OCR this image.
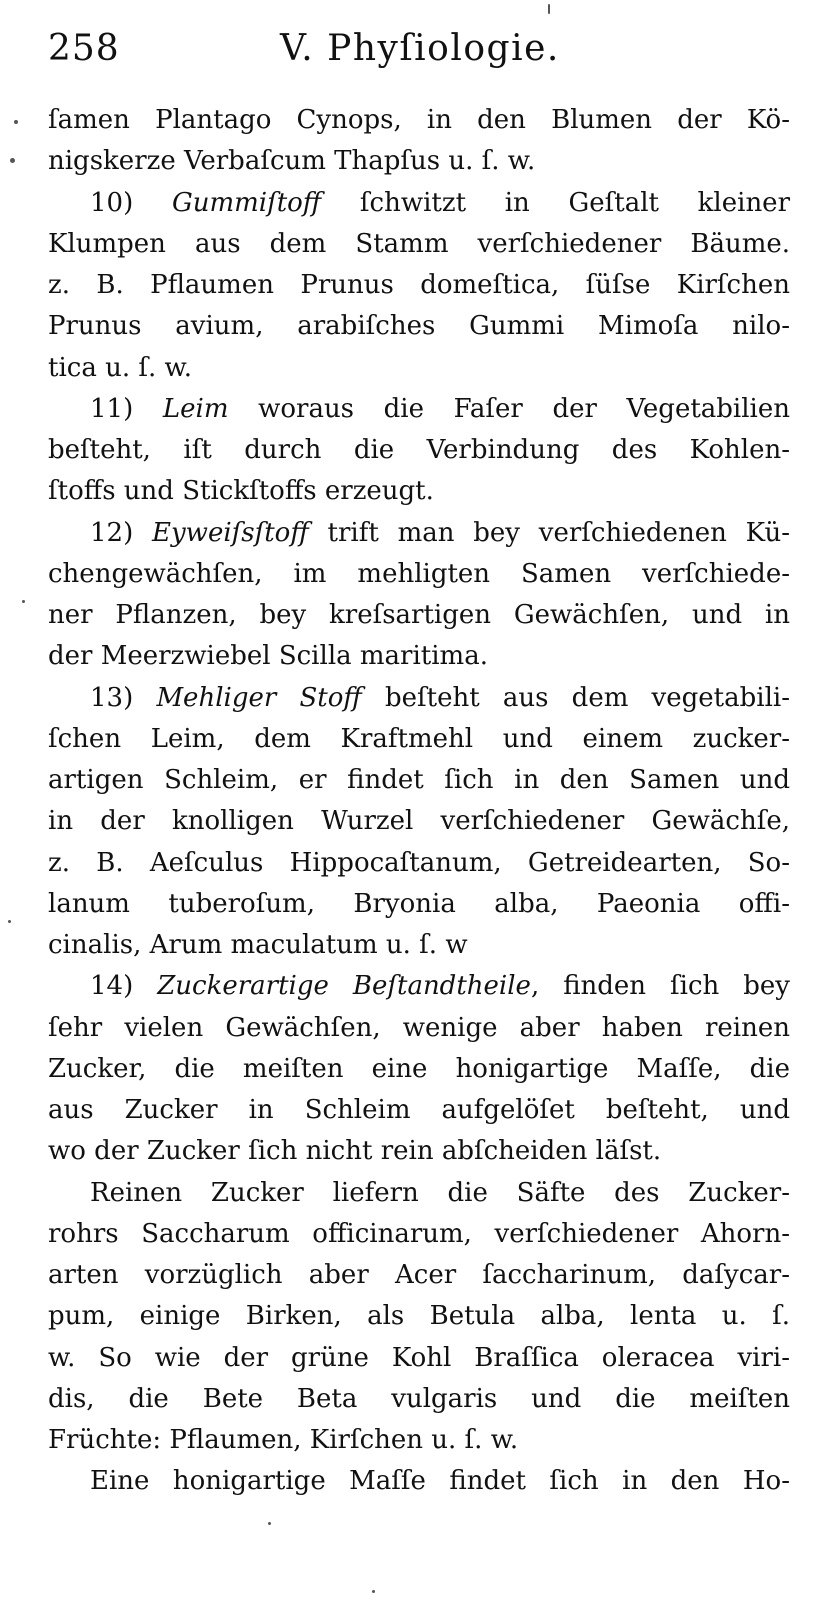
258	V. Phyſiologie.
ſamen Plantago Cynops, in den Blumen der Kö-
nigskerze Verbaſcum Thapſus u. ſ. w.
10) Gummiſtoff ſchwitzt in Geſtalt kleiner
Klumpen aus dem Stamm verſchiedener Bäume.
z. B. Pflaumen Prunus domeſtica, ſüſse Kirſchen
Prunus avium, arabiſches Gummi Mimoſa nilo-
tica u. ſ. w.
11) Leim woraus die Faſer der Vegetabilien
beſteht, iſt durch die Verbindung des Kohlen-
ſtoffs und Stickſtoffs erzeugt.
12) Eyweiſsſtoff trift man bey verſchiedenen Kü-
chengewächſen, im mehligten Samen verſchiede-
ner Pflanzen, bey kreſsartigen Gewächſen, und in
der Meerzwiebel Scilla maritima.
13) Mehliger Stoff beſteht aus dem vegetabili-
ſchen Leim, dem Kraftmehl und einem zucker-
artigen Schleim, er findet ſich in den Samen und
in der knolligen Wurzel verſchiedener Gewächſe,
z. B. Aeſculus Hippocaſtanum, Getreidearten, So-
lanum tuberoſum, Bryonia alba, Paeonia offi-
cinalis, Arum maculatum u. ſ. w
14) Zuckerartige Beſtandtheile, finden ſich bey
ſehr vielen Gewächſen, wenige aber haben reinen
Zucker, die meiſten eine honigartige Maſſe, die
aus Zucker in Schleim aufgelöſet beſteht, und
wo der Zucker ſich nicht rein abſcheiden läſst.
Reinen Zucker liefern die Säfte des Zucker-
rohrs Saccharum officinarum, verſchiedener Ahorn-
arten vorzüglich aber Acer ſaccharinum, daſycar-
pum, einige Birken, als Betula alba, lenta u. ſ.
w. So wie der grüne Kohl Braſſica oleracea viri-
dis, die Bete Beta vulgaris und die meiſten
Früchte: Pflaumen, Kirſchen u. ſ. w.
Eine honigartige Maſſe findet ſich in den Ho-
